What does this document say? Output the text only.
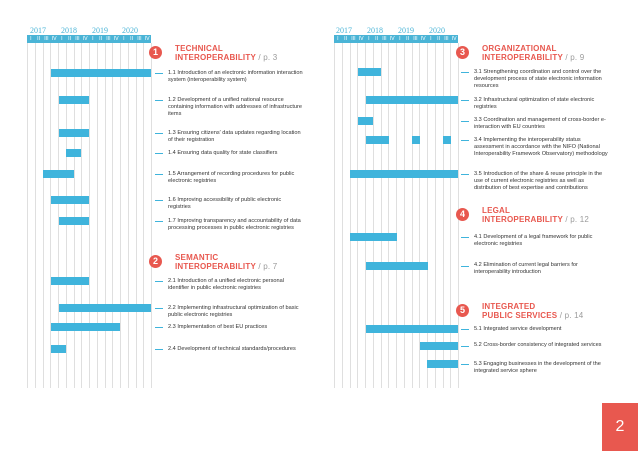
2017	2018	2019	2020
I	II III IV I	II III IV I	II III IV I	II III IV
1	TECHNICAL
INTEROPERABILITY / p. 3
2	SEMANTIC
INTEROPERABILITY / p. 7
1.1 Introduction of an electronic information interaction system (interoperability system)
1.2 Development of a unified national resource containing information with addresses of infrastructure items
1.3 Ensuring citizens' data updates regarding location of their registration
1.4 Ensuring data quality for state classifiers
1.5 Arrangement of recording procedures for public electronic registries
1.6 Improving accessibility of public electronic registries
1.7 Improving transparency and accountability of data processing processes in public electronic registries
2.1 Introduction of a unified electronic personal identifier in public electronic registries
2.2 Implementing infrastructural optimization of basic public electronic registries
2.3 Implementation of best EU practices
2.4 Development of technical standards/procedures
2017	2018	2019	2020
I	II III IV I	II III IV I	II III IV I	II III IV
3	ORGANIZATIONAL
INTEROPERABILITY / p. 9
4	LEGAL
INTEROPERABILITY / p. 12
5	INTEGRATED
PUBLIC SERVICES / p. 14
3.1 Strengthening coordination and control over the development process of state electronic information resources
3.2 Infrastructural optimization of state electronic registries
3.3 Coordination and management of cross-border e-interaction with EU countries
3.4 Implementing the interoperability status assessment in accordance with the NIFO (National Interoperability Framework Observatory) methodology
3.5 Introduction of the share & reuse principle in the use of current electronic registries as well as distribution of best expertise and contributions
4.1 Development of a legal framework for public electronic registries
4.2 Elimination of current legal barriers for interoperability introduction
5.1 Integrated service development
5.2 Cross-border consistency of integrated services
5.3 Engaging businesses in the development of the integrated service sphere
2
